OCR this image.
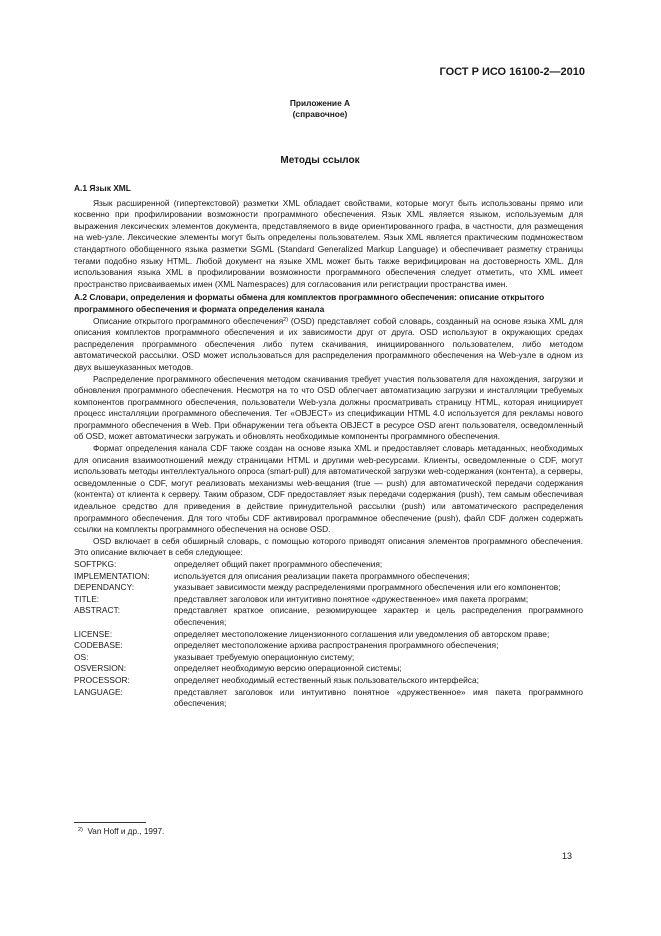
ГОСТ Р ИСО 16100-2—2010
Приложение А
(справочное)
Методы ссылок

А.1 Язык XML

Язык расширенной (гипертекстовой) разметки XML обладает свойствами, которые могут быть использованы прямо или косвенно при профилировании возможности программного обеспечения. Язык XML является языком, используемым для выражения лексических элементов документа, представляемого в виде ориентированного графа, в частности, для размещения на web-узле. Лексические элементы могут быть определены пользователем. Язык XML является практическим подмножеством стандартного обобщенного языка разметки SGML (Standard Generalized Markup Language) и обеспечивает разметку страницы тегами подобно языку HTML. Любой документ на языке XML может быть также верифицирован на достоверность XML. Для использования языка XML в профилировании возможности программного обеспечения следует отметить, что XML имеет пространство присваиваемых имен (XML Namespaces) для согласования или регистрации пространства имен.

А.2 Словари, определения и форматы обмена для комплектов программного обеспечения: описание открытого программного обеспечения и формата определения канала

Описание открытого программного обеспечения$^{2)}$ (OSD) представляет собой словарь, созданный на основе языка XML для описания комплектов программного обеспечения и их зависимости друг от друга. OSD используют в окружающих средах распределения программного обеспечения либо путем скачивания, инициированного пользователем, либо методом автоматической рассылки. OSD может использоваться для распределения программного обеспечения на Web-узле в одном из двух вышеуказанных методов.

Распределение программного обеспечения методом скачивания требует участия пользователя для нахождения, загрузки и обновления программного обеспечения. Несмотря на то что OSD облегчает автоматизацию загрузки и инсталляции требуемых компонентов программного обеспечения, пользователи Web-узла должны просматривать страницу HTML, которая инициирует процесс инсталляции программного обеспечения. Тег «OBJECT» из спецификации HTML 4.0 используется для рекламы нового программного обеспечения в Web. При обнаружении тега объекта OBJECT в ресурсе OSD агент пользователя, осведомленный об OSD, может автоматически загружать и обновлять необходимые компоненты программного обеспечения.

Формат определения канала CDF также создан на основе языка XML и предоставляет словарь метаданных, необходимых для описания взаимоотношений между страницами HTML и другими web-ресурсами. Клиенты, осведомленные о CDF, могут использовать методы интеллектуального опроса (smart-pull) для автоматической загрузки web-содержания (контента), а серверы, осведомленные о CDF, могут реализовать механизмы web-вещания (true — push) для автоматической передачи содержания (контента) от клиента к серверу. Таким образом, CDF предоставляет язык передачи содержания (push), тем самым обеспечивая идеальное средство для приведения в действие принудительной рассылки (push) или автоматического распределения программного обеспечения. Для того чтобы CDF активировал программное обеспечение (push), файл CDF должен содержать ссылки на комплекты программного обеспечения на основе OSD.

OSD включает в себя обширный словарь, с помощью которого приводят описания элементов программного обеспечения. Это описание включает в себя следующее:

SOFTPKG:	определяет общий пакет программного обеспечения;
IMPLEMENTATION:	используется для описания реализации пакета программного обеспечения;
DEPENDANCY:	указывает зависимости между распределениями программного обеспечения или его компонентов;
TITLE:	представляет заголовок или интуитивно понятное «дружественное» имя пакета программ;
ABSTRACT:	представляет краткое описание, резюмирующее характер и цель распределения программного обеспечения;
LICENSE:	определяет местоположение лицензионного соглашения или уведомления об авторском праве;
CODEBASE:	определяет местоположение архива распространения программного обеспечения;
OS:	указывает требуемую операционную систему;
OSVERSION:	определяет необходимую версию операционной системы;
PROCESSOR:	определяет необходимый естественный язык пользовательского интерфейса;
LANGUAGE:	представляет заголовок или интуитивно понятное «дружественное» имя пакета программного обеспечения;
$^{2)}$ Van Hoff и др., 1997.
13
